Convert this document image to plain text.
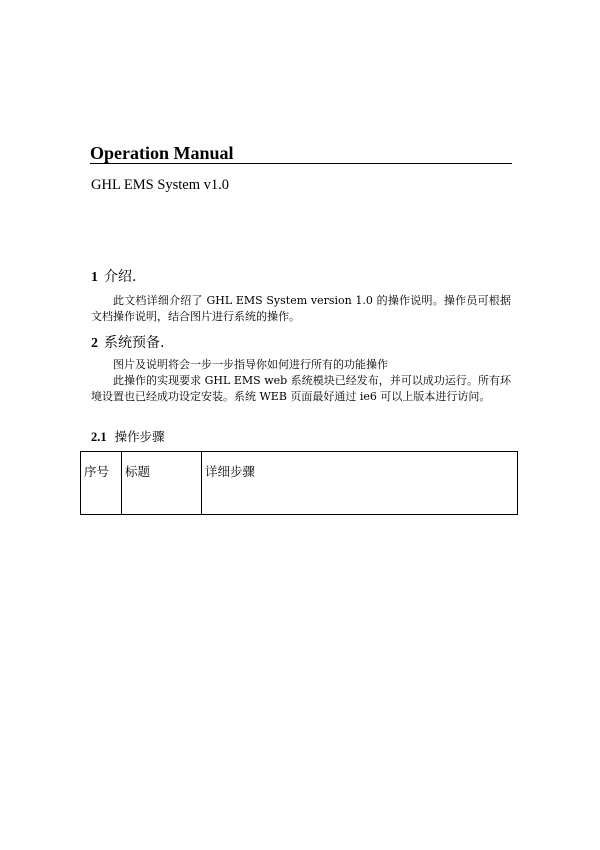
Operation Manual
GHL EMS System v1.0
1 介绍.
此文档详细介绍了 GHL EMS System version 1.0 的操作说明。操作员可根据文档操作说明，结合图片进行系统的操作。
2 系统预备.
图片及说明将会一步一步指导你如何进行所有的功能操作
此操作的实现要求 GHL EMS web 系统模块已经发布，并可以成功运行。所有环境设置也已经成功设定安装。系统 WEB 页面最好通过 ie6 可以上版本进行访问。
2.1 操作步骤
序号	标题	详细步骤
